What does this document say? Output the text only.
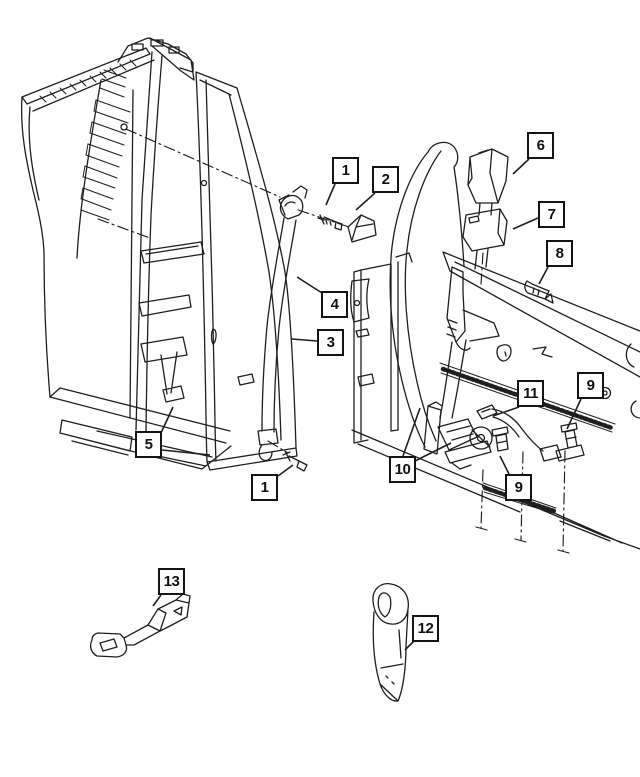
1
2
6
7
8
4
3
5
1
10
9
11	9
13
12
